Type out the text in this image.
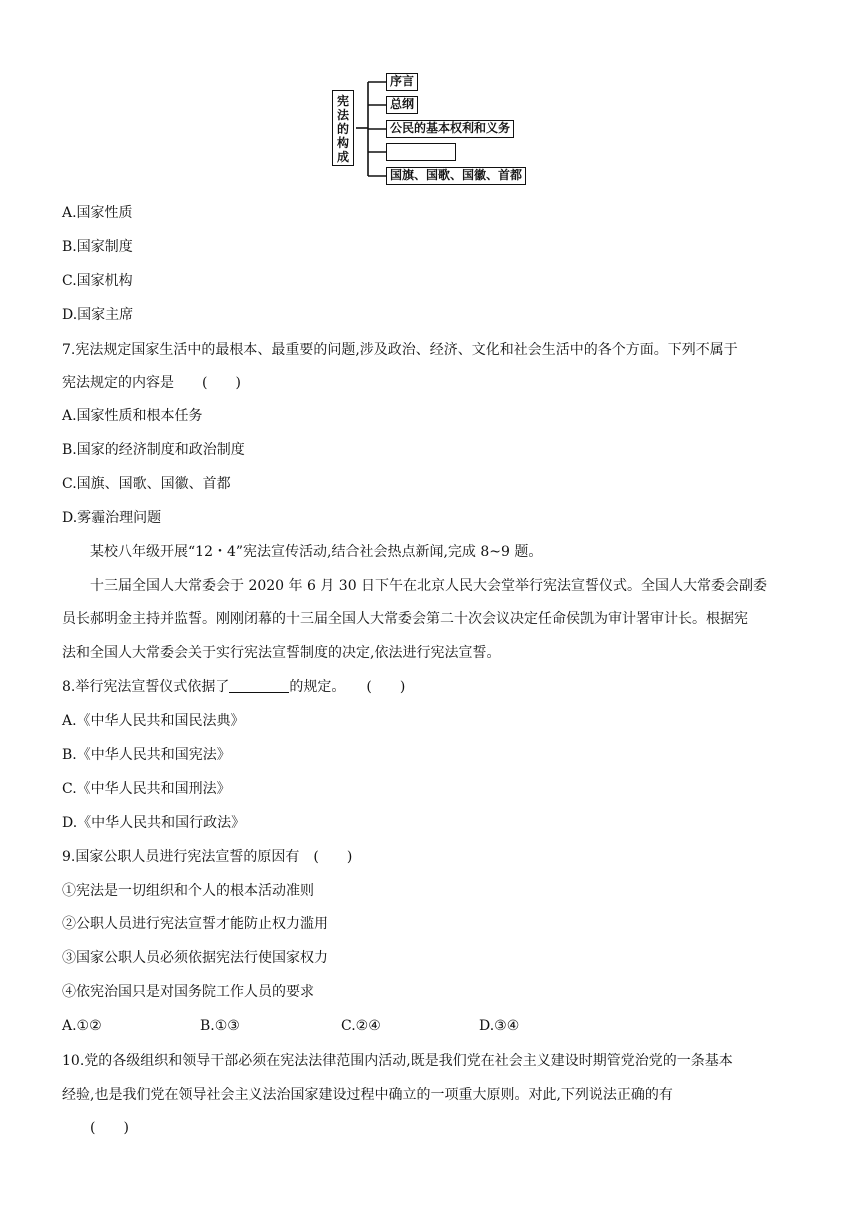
宪
法
的
构
成
序言
总纲
公民的基本权利和义务
国旗、国歌、国徽、首都
A.国家性质
B.国家制度
C.国家机构
D.国家主席
7.宪法规定国家生活中的最根本、最重要的问题,涉及政治、经济、文化和社会生活中的各个方面。下列不属于
宪法规定的内容是　　(　　)
A.国家性质和根本任务
B.国家的经济制度和政治制度
C.国旗、国歌、国徽、首都
D.雾霾治理问题
某校八年级开展“12・4”宪法宣传活动,结合社会热点新闻,完成 8~9 题。
十三届全国人大常委会于 2020 年 6 月 30 日下午在北京人民大会堂举行宪法宣誓仪式。全国人大常委会副委
员长郝明金主持并监誓。刚刚闭幕的十三届全国人大常委会第二十次会议决定任命侯凯为审计署审计长。根据宪
法和全国人大常委会关于实行宪法宣誓制度的决定,依法进行宪法宣誓。
8.举行宪法宣誓仪式依据了	的规定。　　(　　)
A.《中华人民共和国民法典》
B.《中华人民共和国宪法》
C.《中华人民共和国刑法》
D.《中华人民共和国行政法》
9.国家公职人员进行宪法宣誓的原因有　(　　)
①宪法是一切组织和个人的根本活动准则
②公职人员进行宪法宣誓才能防止权力滥用
③国家公职人员必须依据宪法行使国家权力
④依宪治国只是对国务院工作人员的要求
A.①②	B.①③	C.②④	D.③④
10.党的各级组织和领导干部必须在宪法法律范围内活动,既是我们党在社会主义建设时期管党治党的一条基本
经验,也是我们党在领导社会主义法治国家建设过程中确立的一项重大原则。对此,下列说法正确的有
(　　)
